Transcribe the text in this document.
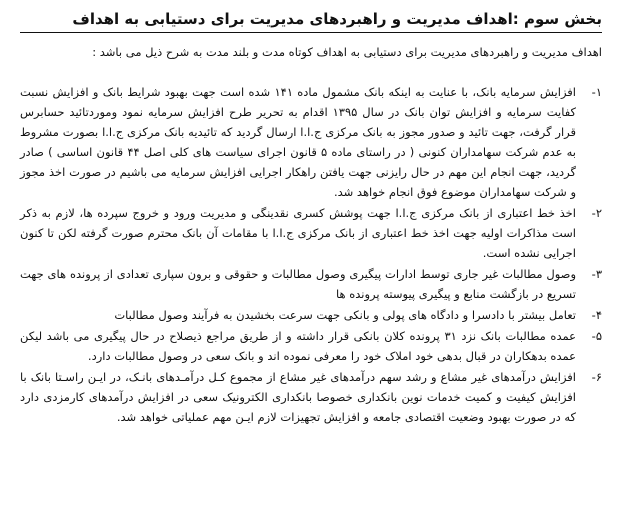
بخش سوم :اهداف مدیریت و راهبردهای مدیریت برای دستیابی به اهداف

اهداف مدیریت و راهبردهای مدیریت برای دستیابی به اهداف کوتاه مدت و بلند مدت به شرح ذیل می باشد :

۱-
افزایش سرمایه بانک، با عنایت به اینکه بانک مشمول ماده ۱۴۱ شده است جهت بهبود شرایط بانک و افزایش نسبت کفایت سرمایه و افزایش توان بانک در سال ۱۳۹۵ اقدام به تحریر طرح افزایش سرمایه نمود وموردتائید حسابرس قرار گرفت، جهت تائید و صدور مجوز به بانک مرکزی ج.ا.ا ارسال گردید که تائیدیه بانک مرکزی ج.ا.ا بصورت مشروط به عدم شرکت سهامداران کنونی ( در راستای ماده ۵ قانون اجرای سیاست های کلی اصل ۴۴ قانون اساسی ) صادر گردید، جهت انجام این مهم در حال رایزنی جهت یافتن راهکار اجرایی افزایش سرمایه می باشیم در صورت اخذ مجوز و شرکت سهامداران موضوع فوق انجام خواهد شد.
۲-
اخذ خط اعتباری از بانک مرکزی ج.ا.ا جهت پوشش کسری نقدینگی و مدیریت ورود و خروج سپرده ها، لازم به ذکر است مذاکرات اولیه جهت اخذ خط اعتباری از بانک مرکزی ج.ا.ا با مقامات آن بانک محترم صورت گرفته لکن تا کنون اجرایی نشده است.
۳-
وصول مطالبات غیر جاری توسط ادارات پیگیری وصول مطالبات و حقوقی و برون سپاری تعدادی از پرونده های جهت تسریع در بازگشت منابع و پیگیری پیوسته پرونده ها
۴-
تعامل بیشتر با دادسرا و دادگاه های پولی و بانکی جهت سرعت بخشیدن به فرآیند وصول مطالبات
۵-
عمده مطالبات بانک نزد ۳۱ پرونده کلان بانکی قرار داشته و از طریق مراجع ذیصلاح در حال پیگیری می باشد لیکن عمده بدهکاران در قبال بدهی خود املاک خود را معرفی نموده اند و بانک سعی در وصول مطالبات دارد.
۶-
افزایش درآمدهای غیر مشاع و رشد سهم درآمدهای غیر مشاع از مجموع کـل درآمـدهای بانـک، در ایـن راسـتا بانک با افزایش کیفیت و کمیت خدمات نوین بانکداری خصوصا بانکداری الکترونیک سعی در افزایش درآمدهای کارمزدی دارد که در صورت بهبود وضعیت اقتصادی جامعه و افزایش تجهیزات لازم ایـن مهم عملیاتی خواهد شد.
